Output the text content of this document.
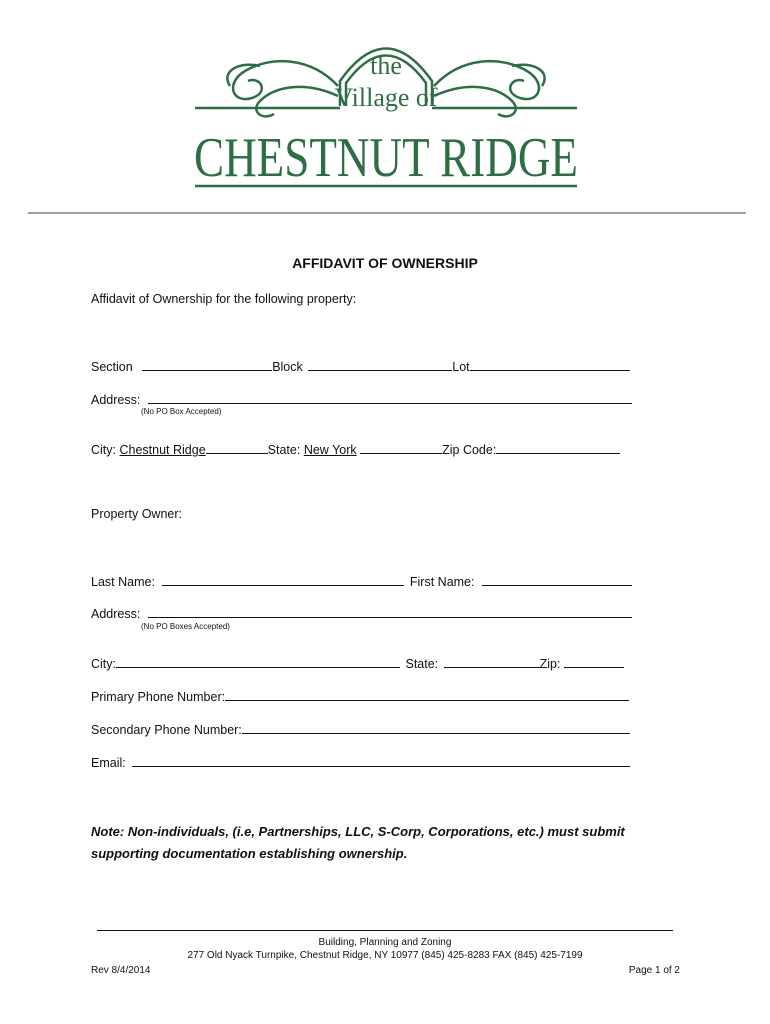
the
Village of
CHESTNUT RIDGE
AFFIDAVIT OF OWNERSHIP
Affidavit of Ownership for the following property:
Section	Block	Lot
Address:
(No PO Box Accepted)
City: Chestnut Ridge	State: New York	Zip Code:
Property Owner:
Last Name:	First Name:
Address:
(No PO Boxes Accepted)
City:	State:	Zip:
Primary Phone Number:
Secondary Phone Number:
Email:
Note: Non-individuals, (i.e, Partnerships, LLC, S-Corp, Corporations, etc.) must submit supporting documentation establishing ownership.
Building, Planning and Zoning
277 Old Nyack Turnpike, Chestnut Ridge, NY 10977 (845) 425-8283 FAX (845) 425-7199
Rev 8/4/2014	Page 1 of 2
